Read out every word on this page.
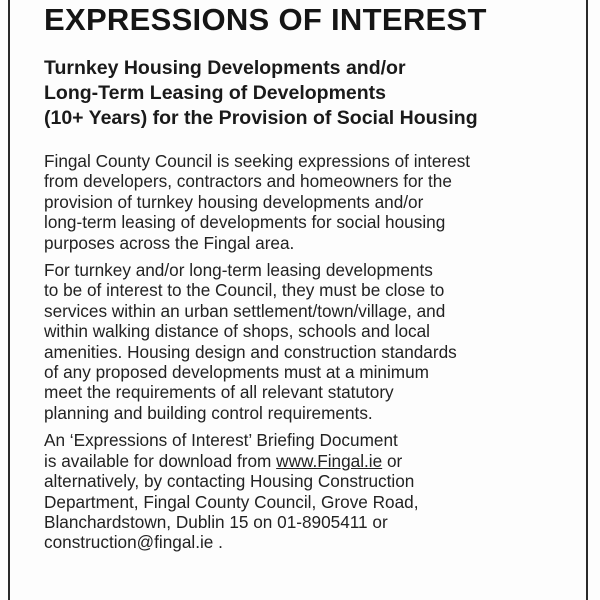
EXPRESSIONS OF INTEREST
Turnkey Housing Developments and/or
Long-Term Leasing of Developments
(10+ Years) for the Provision of Social Housing

Fingal County Council is seeking expressions of interest
from developers, contractors and homeowners for the
provision of turnkey housing developments and/or
long-term leasing of developments for social housing
purposes across the Fingal area.

For turnkey and/or long-term leasing developments
to be of interest to the Council, they must be close to
services within an urban settlement/town/village, and
within walking distance of shops, schools and local
amenities. Housing design and construction standards
of any proposed developments must at a minimum
meet the requirements of all relevant statutory
planning and building control requirements.

An ‘Expressions of Interest’ Briefing Document
is available for download from www.Fingal.ie or
alternatively, by contacting Housing Construction
Department, Fingal County Council, Grove Road,
Blanchardstown, Dublin 15 on 01-8905411 or
construction@fingal.ie .
